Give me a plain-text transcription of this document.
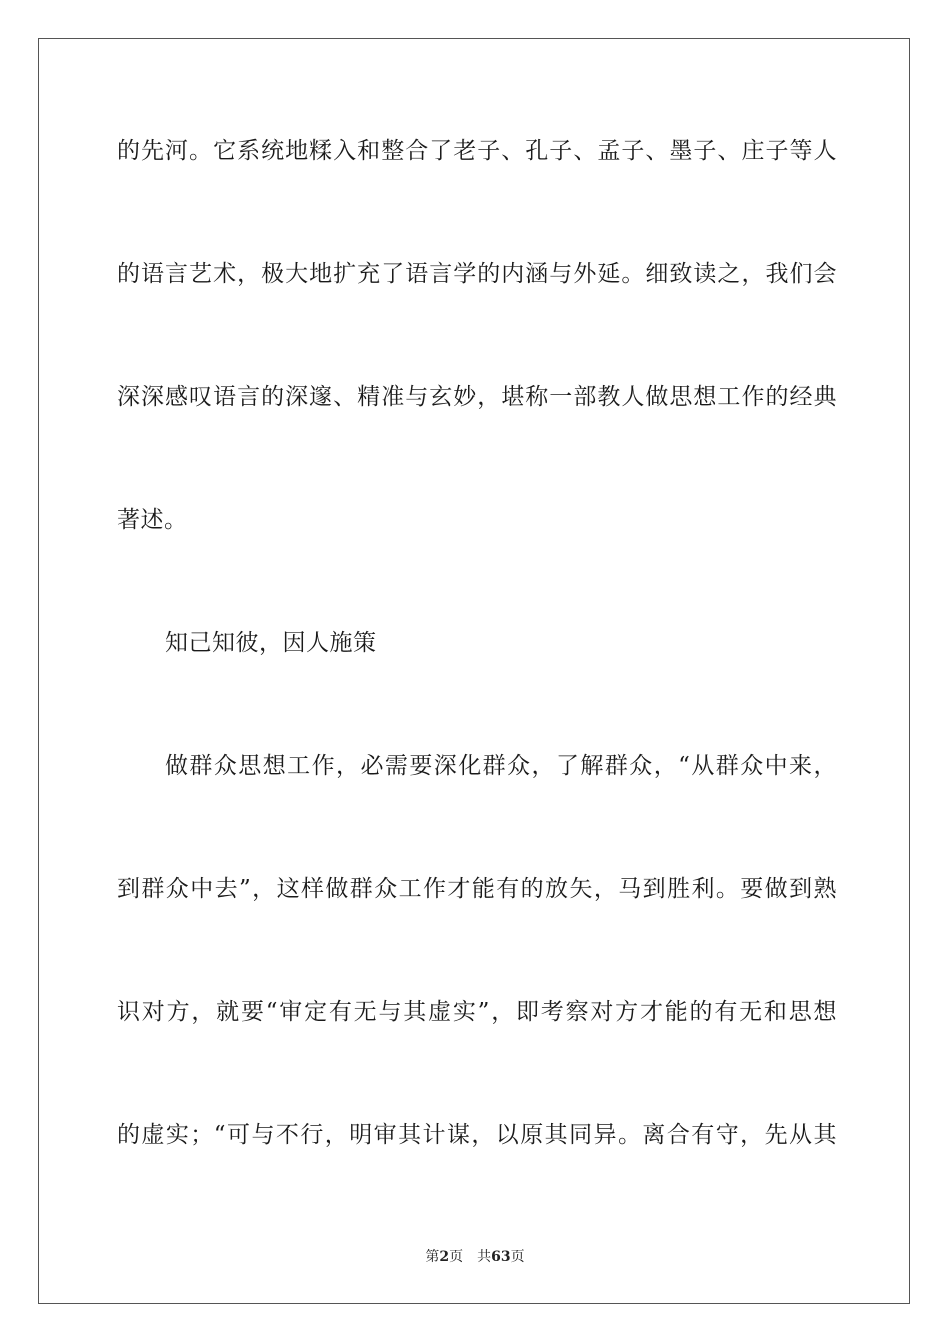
的先河。它系统地糅入和整合了老子、孔子、孟子、墨子、庄子等人
的语言艺术，极大地扩充了语言学的内涵与外延。细致读之，我们会
深深感叹语言的深邃、精准与玄妙，堪称一部教人做思想工作的经典
著述。
知己知彼，因人施策
做群众思想工作，必需要深化群众，了解群众，“从群众中来，
到群众中去”，这样做群众工作才能有的放矢，马到胜利。要做到熟
识对方，就要“审定有无与其虚实”，即考察对方才能的有无和思想
的虚实；“可与不行，明审其计谋，以原其同异。离合有守，先从其
第2页 共63页
